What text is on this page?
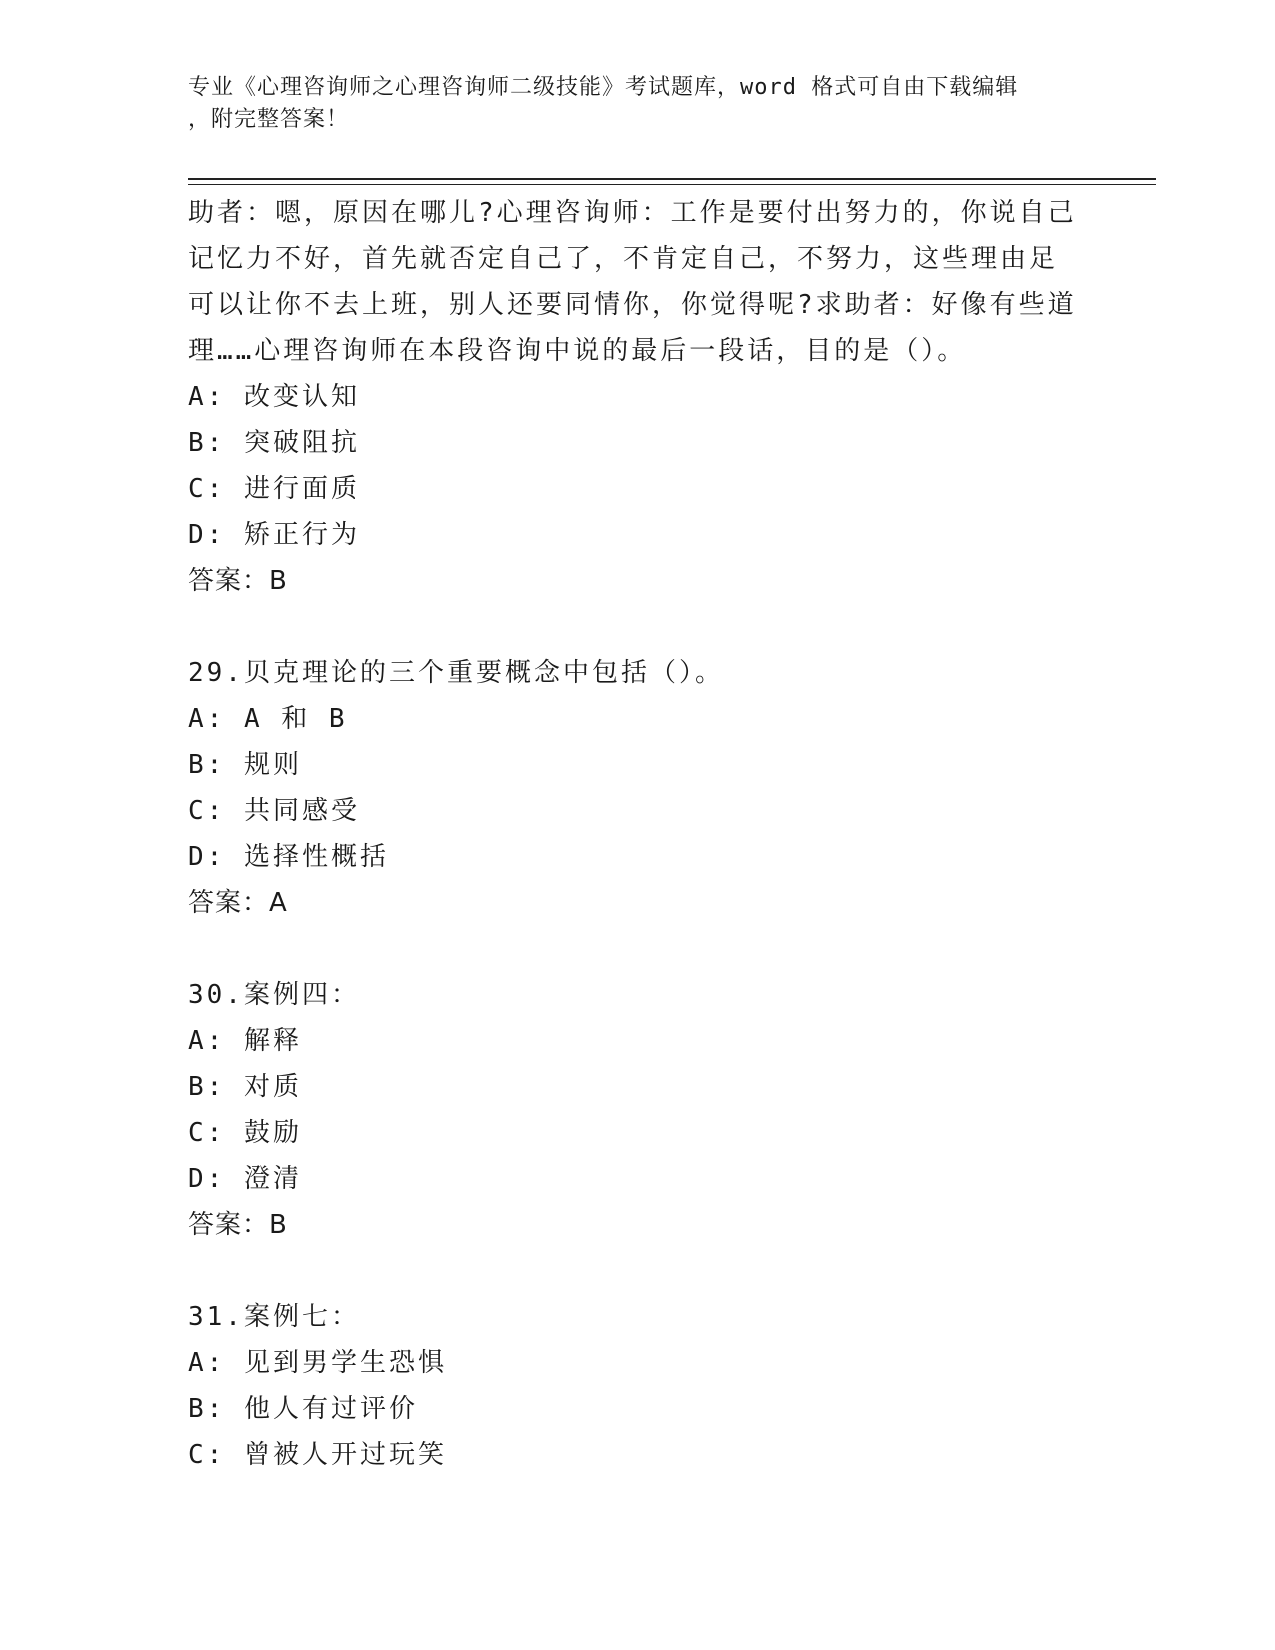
专业《心理咨询师之心理咨询师二级技能》考试题库，word 格式可自由下载编辑
，附完整答案！
助者：嗯，原因在哪儿?心理咨询师：工作是要付出努力的，你说自己
记忆力不好，首先就否定自己了，不肯定自己，不努力，这些理由足
可以让你不去上班，别人还要同情你，你觉得呢?求助者：好像有些道
理……心理咨询师在本段咨询中说的最后一段话，目的是（）。
A: 改变认知
B: 突破阻抗
C: 进行面质
D: 矫正行为
答案：B
29.贝克理论的三个重要概念中包括（）。
A: A 和 B
B: 规则
C: 共同感受
D: 选择性概括
答案：A
30.案例四：
A: 解释
B: 对质
C: 鼓励
D: 澄清
答案：B
31.案例七：
A: 见到男学生恐惧
B: 他人有过评价
C: 曾被人开过玩笑
